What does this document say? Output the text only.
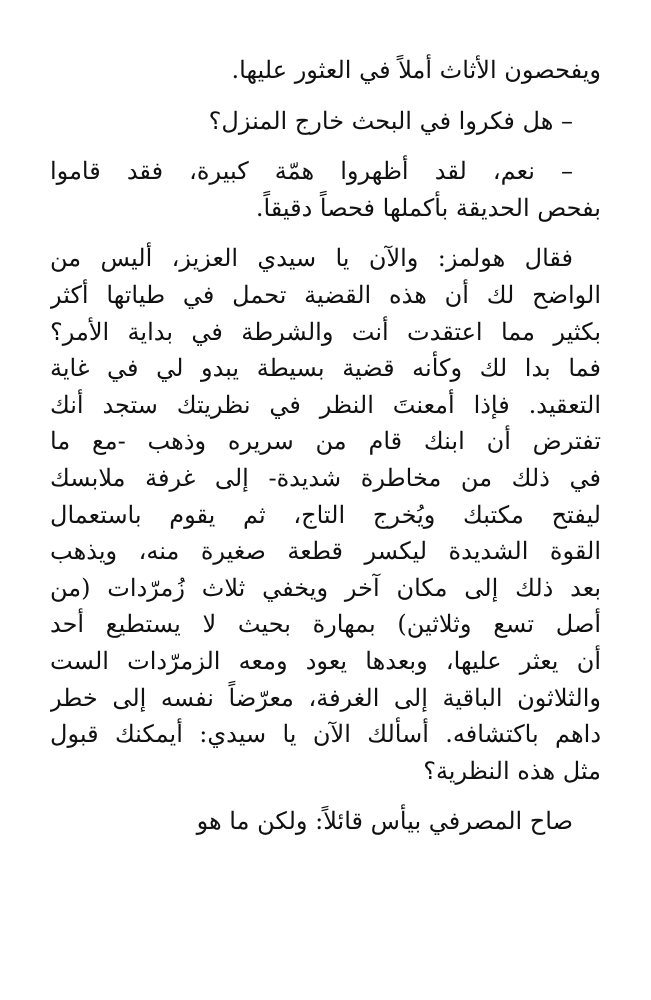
ويفحصون الأثاث أملاً في العثور عليها.
– هل فكروا في البحث خارج المنزل؟
– نعم، لقد أظهروا همّة كبيرة، فقد قاموا
بفحص الحديقة بأكملها فحصاً دقيقاً.
فقال هولمز: والآن يا سيدي العزيز، أليس من
الواضح لك أن هذه القضية تحمل في طياتها أكثر
بكثير مما اعتقدت أنت والشرطة في بداية الأمر؟
فما بدا لك وكأنه قضية بسيطة يبدو لي في غاية
التعقيد. فإذا أمعنتَ النظر في نظريتك ستجد أنك
تفترض أن ابنك قام من سريره وذهب -مع ما
في ذلك من مخاطرة شديدة- إلى غرفة ملابسك
ليفتح مكتبك ويُخرج التاج، ثم يقوم باستعمال
القوة الشديدة ليكسر قطعة صغيرة منه، ويذهب
بعد ذلك إلى مكان آخر ويخفي ثلاث زُمرّدات (من
أصل تسع وثلاثين) بمهارة بحيث لا يستطيع أحد
أن يعثر عليها، وبعدها يعود ومعه الزمرّدات الست
والثلاثون الباقية إلى الغرفة، معرّضاً نفسه إلى خطر
داهم باكتشافه. أسألك الآن يا سيدي: أيمكنك قبول
مثل هذه النظرية؟
صاح المصرفي بيأس قائلاً: ولكن ما هو
